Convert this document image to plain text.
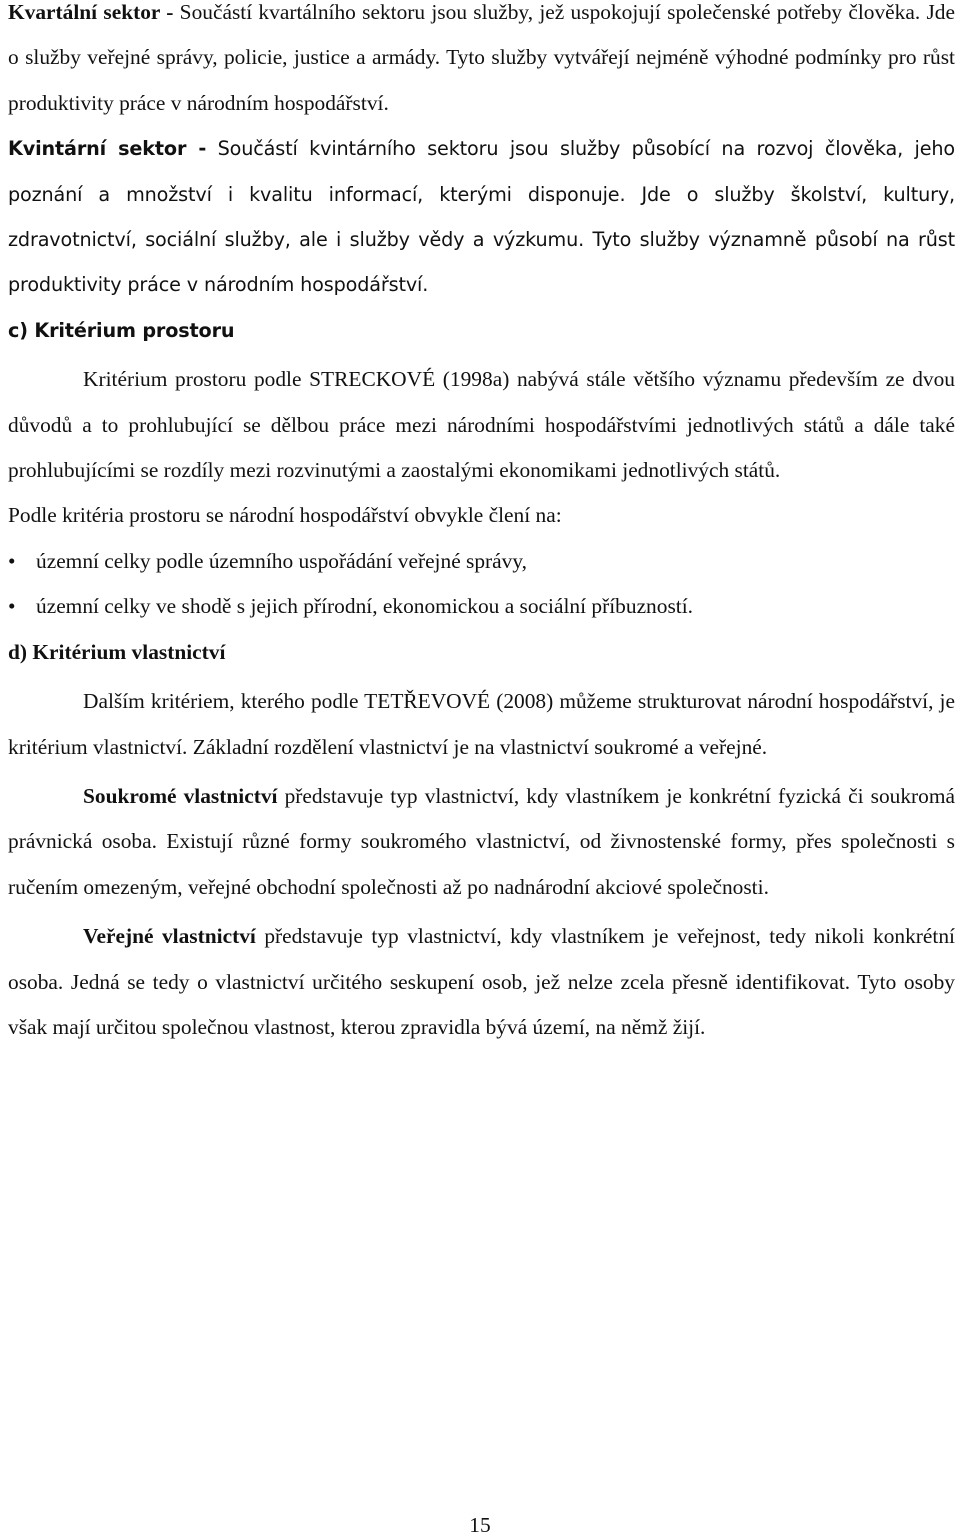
Kvartální sektor - Součástí kvartálního sektoru jsou služby, jež uspokojují společenské potřeby člověka. Jde o služby veřejné správy, policie, justice a armády. Tyto služby vytvářejí nejméně výhodné podmínky pro růst produktivity práce v národním hospodářství.

Kvintární sektor - Součástí kvintárního sektoru jsou služby působící na rozvoj člověka, jeho poznání a množství i kvalitu informací, kterými disponuje. Jde o služby školství, kultury, zdravotnictví, sociální služby, ale i služby vědy a výzkumu. Tyto služby významně působí na růst produktivity práce v národním hospodářství.

c) Kritérium prostoru

Kritérium prostoru podle STRECKOVÉ (1998a) nabývá stále většího významu především ze dvou důvodů a to prohlubující se dělbou práce mezi národními hospodářstvími jednotlivých států a dále také prohlubujícími se rozdíly mezi rozvinutými a zaostalými ekonomikami jednotlivých států.

Podle kritéria prostoru se národní hospodářství obvykle člení na:

• územní celky podle územního uspořádání veřejné správy,
• územní celky ve shodě s jejich přírodní, ekonomickou a sociální příbuzností.
d) Kritérium vlastnictví

Dalším kritériem, kterého podle TETŘEVOVÉ (2008) můžeme strukturovat národní hospodářství, je kritérium vlastnictví. Základní rozdělení vlastnictví je na vlastnictví soukromé a veřejné.

Soukromé vlastnictví představuje typ vlastnictví, kdy vlastníkem je konkrétní fyzická či soukromá právnická osoba. Existují různé formy soukromého vlastnictví, od živnostenské formy, přes společnosti s ručením omezeným, veřejné obchodní společnosti až po nadnárodní akciové společnosti.

Veřejné vlastnictví představuje typ vlastnictví, kdy vlastníkem je veřejnost, tedy nikoli konkrétní osoba. Jedná se tedy o vlastnictví určitého seskupení osob, jež nelze zcela přesně identifikovat. Tyto osoby však mají určitou společnou vlastnost, kterou zpravidla bývá území, na němž žijí.

15
